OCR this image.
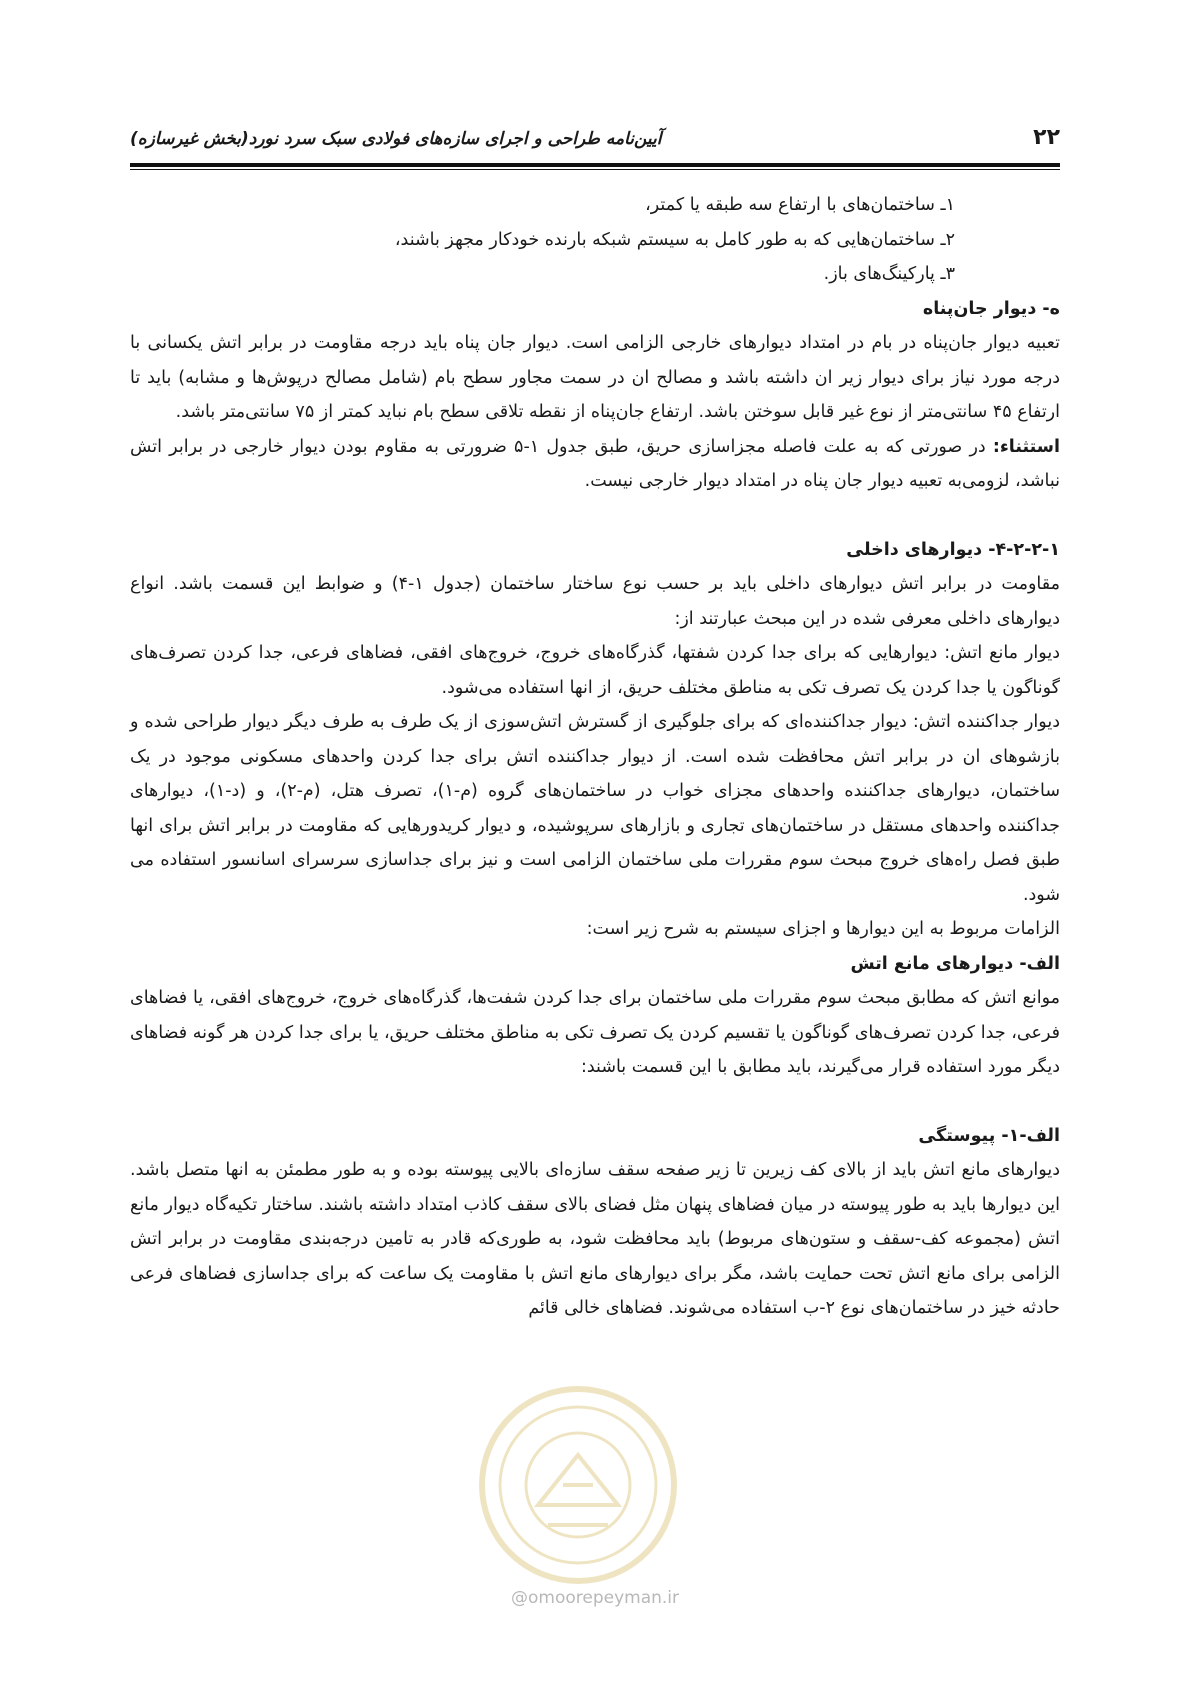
۲۲
آیین‌نامه طراحی و اجرای سازه‌های فولادی سبک سرد نورد(بخش غیرسازه)

۱ـ ساختمان‌های با ارتفاع سه طبقه یا کمتر،

۲ـ ساختمان‌هایی که به طور کامل به سیستم شبکه بارنده خودکار مجهز باشند،

۳ـ پارکینگ‌های باز.

ه- دیوار جان‌پناه

تعبیه دیوار جان‌پناه در بام در امتداد دیوارهای خارجی الزامی است. دیوار جان پناه باید درجه مقاومت در برابر اتش یکسانی با درجه مورد نیاز برای دیوار زیر ان داشته باشد و مصالح ان در سمت مجاور سطح بام (شامل مصالح درپوش‌ها و مشابه) باید تا ارتفاع ۴۵ سانتی‌متر از نوع غیر قابل سوختن باشد. ارتفاع جان‌پناه از نقطه تلاقی سطح بام نباید کمتر از ۷۵ سانتی‌متر باشد.

استثناء: در صورتی که به علت فاصله مجزاسازی حریق، طبق جدول ۱-۵ ضرورتی به مقاوم بودن دیوار خارجی در برابر اتش نباشد، لزومی‌به تعبیه دیوار جان پناه در امتداد دیوار خارجی نیست.

۴-۲-۲-۱- دیوارهای داخلی

مقاومت در برابر اتش دیوارهای داخلی باید بر حسب نوع ساختار ساختمان (جدول ۱-۴) و ضوابط این قسمت باشد. انواع دیوارهای داخلی معرفی شده در این مبحث عبارتند از:

دیوار مانع اتش: دیوارهایی که برای جدا کردن شفتها، گذرگاه‌های خروج، خروج‌های افقی، فضاهای فرعی، جدا کردن تصرف‌های گوناگون یا جدا کردن یک تصرف تکی به مناطق مختلف حریق، از انها استفاده می‌شود.

دیوار جداکننده اتش: دیوار جداکننده‌ای که برای جلوگیری از گسترش اتش‌سوزی از یک طرف به طرف دیگر دیوار طراحی شده و بازشوهای ان در برابر اتش محافظت شده است. از دیوار جداکننده اتش برای جدا کردن واحدهای مسکونی موجود در یک ساختمان، دیوارهای جداکننده واحدهای مجزای خواب در ساختمان‌های گروه (م-۱)، تصرف هتل، (م-۲)، و (د-۱)، دیوارهای جداکننده واحدهای مستقل در ساختمان‌های تجاری و بازارهای سرپوشیده، و دیوار کریدورهایی که مقاومت در برابر اتش برای انها طبق فصل راه‌های خروج مبحث سوم مقررات ملی ساختمان الزامی است و نیز برای جداسازی سرسرای اسانسور استفاده می شود.

الزامات مربوط به این دیوارها و اجزای سیستم به شرح زیر است:

الف- دیوارهای مانع اتش

موانع اتش که مطابق مبحث سوم مقررات ملی ساختمان برای جدا کردن شفت‌ها، گذرگاه‌های خروج، خروج‌های افقی، یا فضاهای فرعی، جدا کردن تصرف‌های گوناگون یا تقسیم کردن یک تصرف تکی به مناطق مختلف حریق، یا برای جدا کردن هر گونه فضاهای دیگر مورد استفاده قرار می‌گیرند، باید مطابق با این قسمت باشند:

الف-۱- پیوستگی

دیوارهای مانع اتش باید از بالای کف زیرین تا زیر صفحه سقف سازه‌ای بالایی پیوسته بوده و به طور مطمئن به انها متصل باشد. این دیوارها باید به طور پیوسته در میان فضاهای پنهان مثل فضای بالای سقف کاذب امتداد داشته باشند. ساختار تکیه‌گاه دیوار مانع اتش (مجموعه کف-سقف و ستون‌های مربوط) باید محافظت شود، به طوری‌که قادر به تامین درجه‌بندی مقاومت در برابر اتش الزامی برای مانع اتش تحت حمایت باشد، مگر برای دیوارهای مانع اتش با مقاومت یک ساعت که برای جداسازی فضاهای فرعی حادثه خیز در ساختمان‌های نوع ۲-ب استفاده می‌شوند. فضاهای خالی قائم

@omoorepeyman.ir
